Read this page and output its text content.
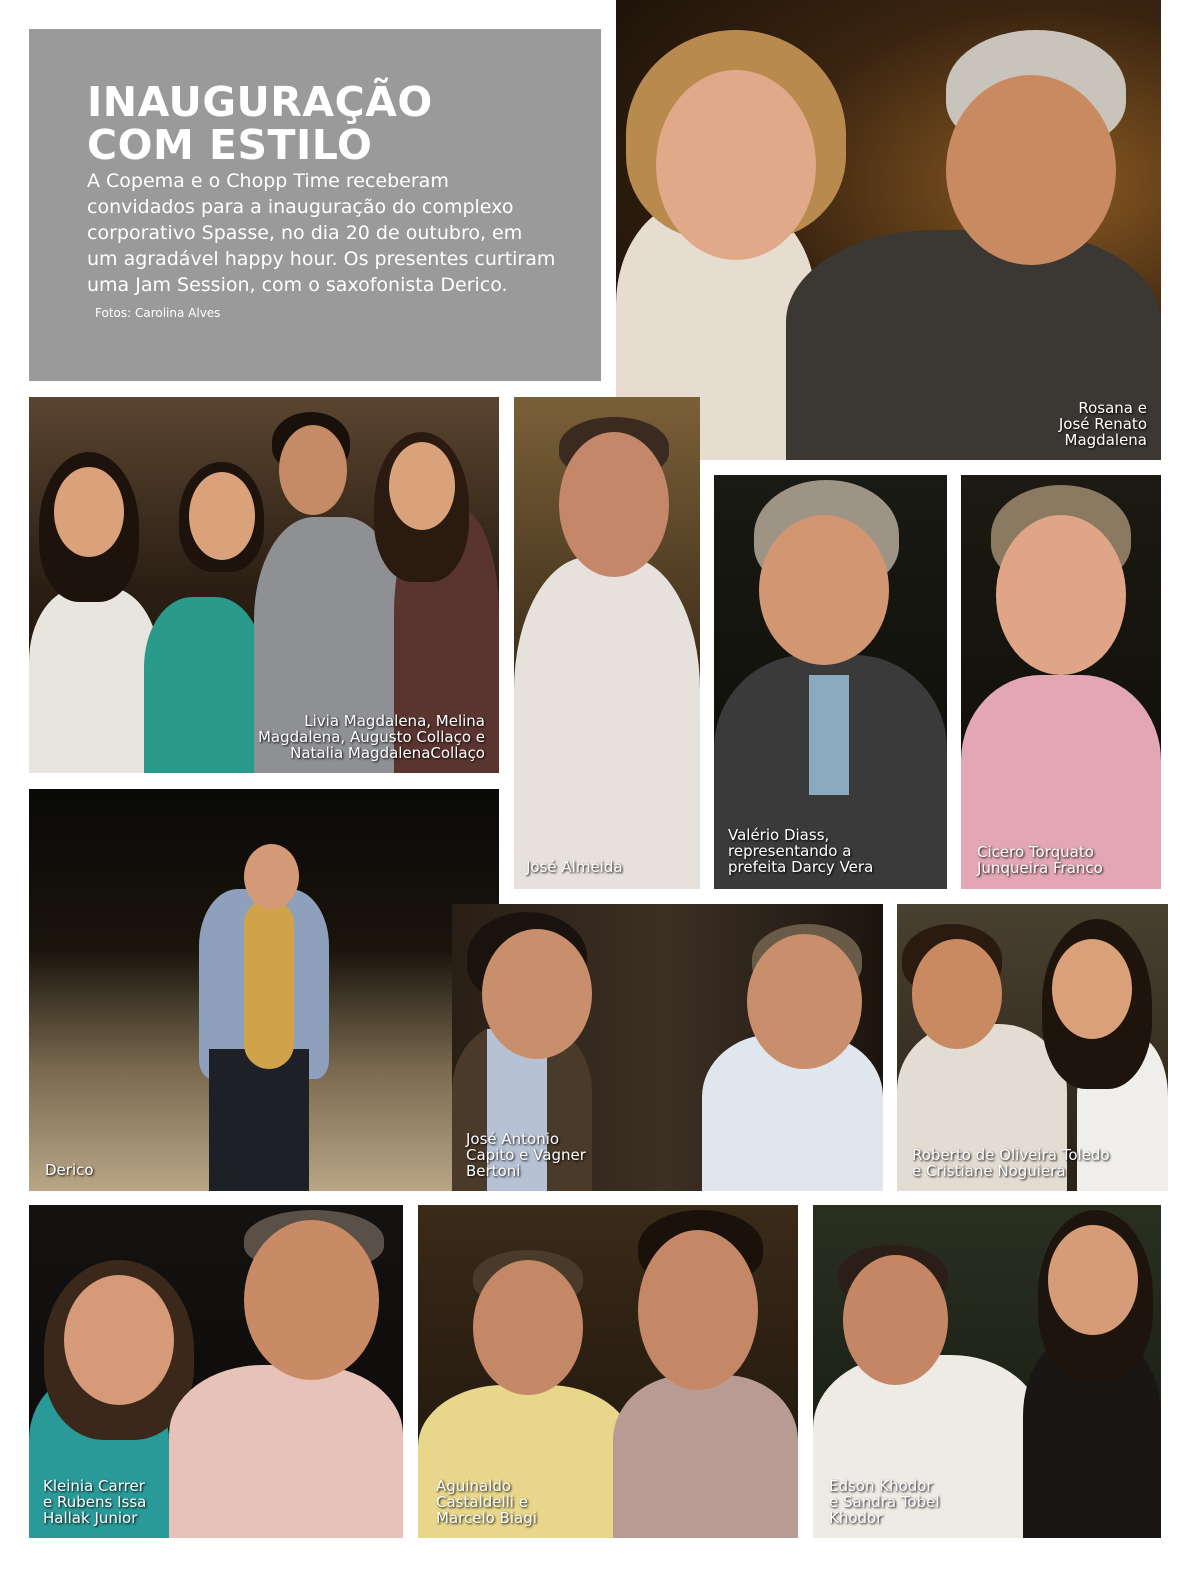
INAUGURAÇÃO
COM ESTILO

A Copema e o Chopp Time receberam convidados para a inauguração do complexo corporativo Spasse, no dia 20 de outubro, em um agradável happy hour. Os presentes curtiram uma Jam Session, com o saxofonista Derico. Fotos: Carolina Alves

Rosana e
José Renato
Magdalena
Livia Magdalena, Melina
Magdalena, Augusto Collaço e
Natalia MagdalenaCollaço
José Almeida
Valério Diass,
representando a
prefeita Darcy Vera
Cicero Torquato
Junqueira Franco
Derico
José Antonio
Capito e Vagner
Bertoni
Roberto de Oliveira Toledo
e Cristiane Noguiera
Kleinia Carrer
e Rubens Issa
Hallak Junior
Aguinaldo
Castaldelli e
Marcelo Biagi
Edson Khodor
e Sandra Tobel
Khodor
